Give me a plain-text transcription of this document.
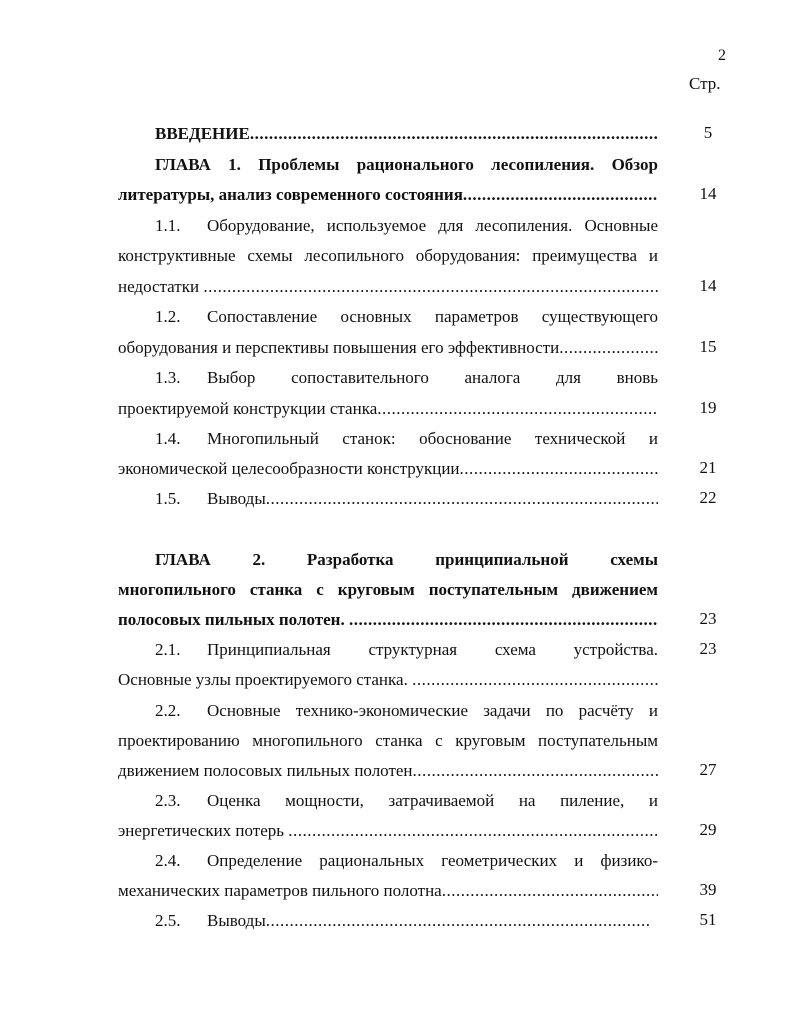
2
Стр.
ВВЕДЕНИЕ .....	5
ГЛАВА 1. Проблемы рационального лесопиления. Обзор
литературы, анализ современного состояния .....	14
1.1.	Оборудование, используемое для лесопиления. Основные
конструктивные схемы лесопильного оборудования: преимущества и
недостатки .....	14
1.2.	Сопоставление основных параметров существующего
оборудования и перспективы повышения его эффективности .....	15
1.3.	Выбор сопоставительного аналога для вновь
проектируемой конструкции станка .....	19
1.4.	Многопильный станок: обоснование технической и
экономической целесообразности конструкции .....	21
1.5.	Выводы .....	22
ГЛАВА 2. Разработка принципиальной схемы
многопильного станка с круговым поступательным движением
полосовых пильных полотен. .....	23
2.1.	Принципиальная структурная схема устройства.	23
Основные узлы проектируемого станка.
.....
2.2.	Основные технико-экономические задачи по расчёту и
проектированию многопильного станка с круговым поступательным
движением полосовых пильных полотен .....	27
2.3.	Оценка мощности, затрачиваемой на пиление, и
энергетических потерь .....	29
2.4.	Определение рациональных геометрических и физико-
механических параметров пильного полотна .....	39
2.5.	Выводы .....	51
